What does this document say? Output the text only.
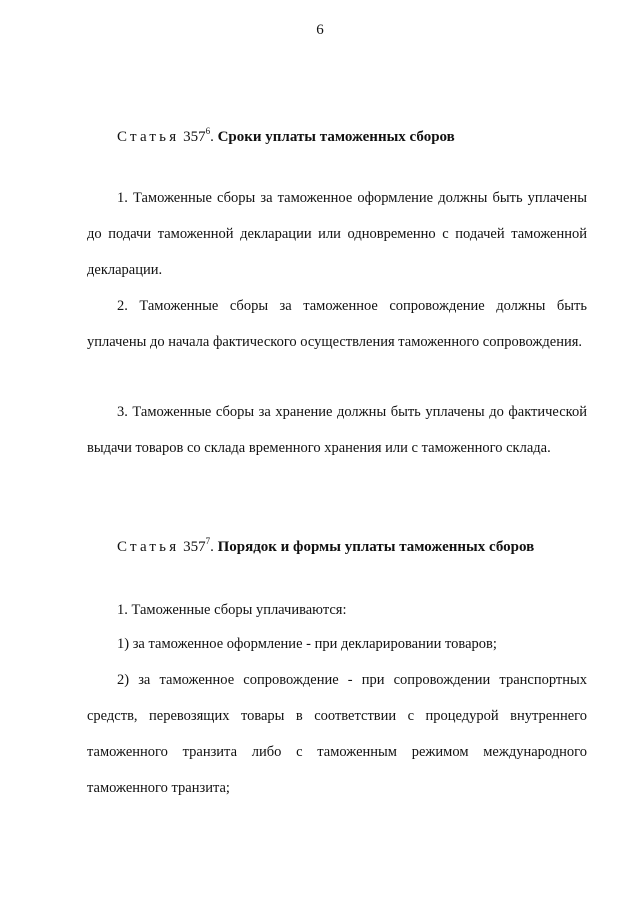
6
Статья $357^6$. Сроки уплаты таможенных сборов

1. Таможенные сборы за таможенное оформление должны быть уплачены до подачи таможенной декларации или одновременно с подачей таможенной декларации.

2. Таможенные сборы за таможенное сопровождение должны быть уплачены до начала фактического осуществления таможенного сопровождения.

3. Таможенные сборы за хранение должны быть уплачены до фактической выдачи товаров со склада временного хранения или с таможенного склада.

Статья $357^7$. Порядок и формы уплаты таможенных сборов

1. Таможенные сборы уплачиваются:

1) за таможенное оформление - при декларировании товаров;

2) за таможенное сопровождение - при сопровождении транспортных средств, перевозящих товары в соответствии с процедурой внутреннего таможенного транзита либо с таможенным режимом международного таможенного транзита;
